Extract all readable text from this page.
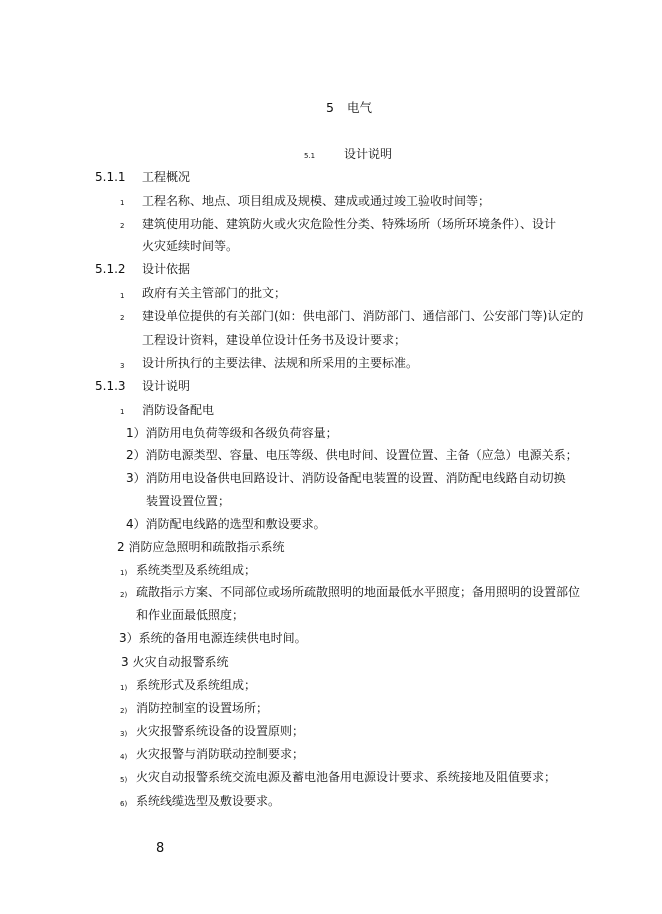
5 电气
5.1 设计说明
5.1.1 工程概况
1 工程名称、地点、项目组成及规模、建成或通过竣工验收时间等；
2 建筑使用功能、建筑防火或火灾危险性分类、特殊场所（场所环境条件）、设计
火灾延续时间等。
5.1.2 设计依据
1 政府有关主管部门的批文；
2 建设单位提供的有关部门(如：供电部门、消防部门、通信部门、公安部门等)认定的
工程设计资料，建设单位设计任务书及设计要求；
3 设计所执行的主要法律、法规和所采用的主要标准。
5.1.3 设计说明
1 消防设备配电
1）消防用电负荷等级和各级负荷容量；
2）消防电源类型、容量、电压等级、供电时间、设置位置、主备（应急）电源关系；
3）消防用电设备供电回路设计、消防设备配电装置的设置、消防配电线路自动切换
装置设置位置；
4）消防配电线路的选型和敷设要求。
2 消防应急照明和疏散指示系统
1) 系统类型及系统组成；
2) 疏散指示方案、不同部位或场所疏散照明的地面最低水平照度；备用照明的设置部位
和作业面最低照度；
3）系统的备用电源连续供电时间。
3 火灾自动报警系统
1) 系统形式及系统组成；
2) 消防控制室的设置场所；
3) 火灾报警系统设备的设置原则；
4) 火灾报警与消防联动控制要求；
5) 火灾自动报警系统交流电源及蓄电池备用电源设计要求、系统接地及阻值要求；
6) 系统线缆选型及敷设要求。
8
